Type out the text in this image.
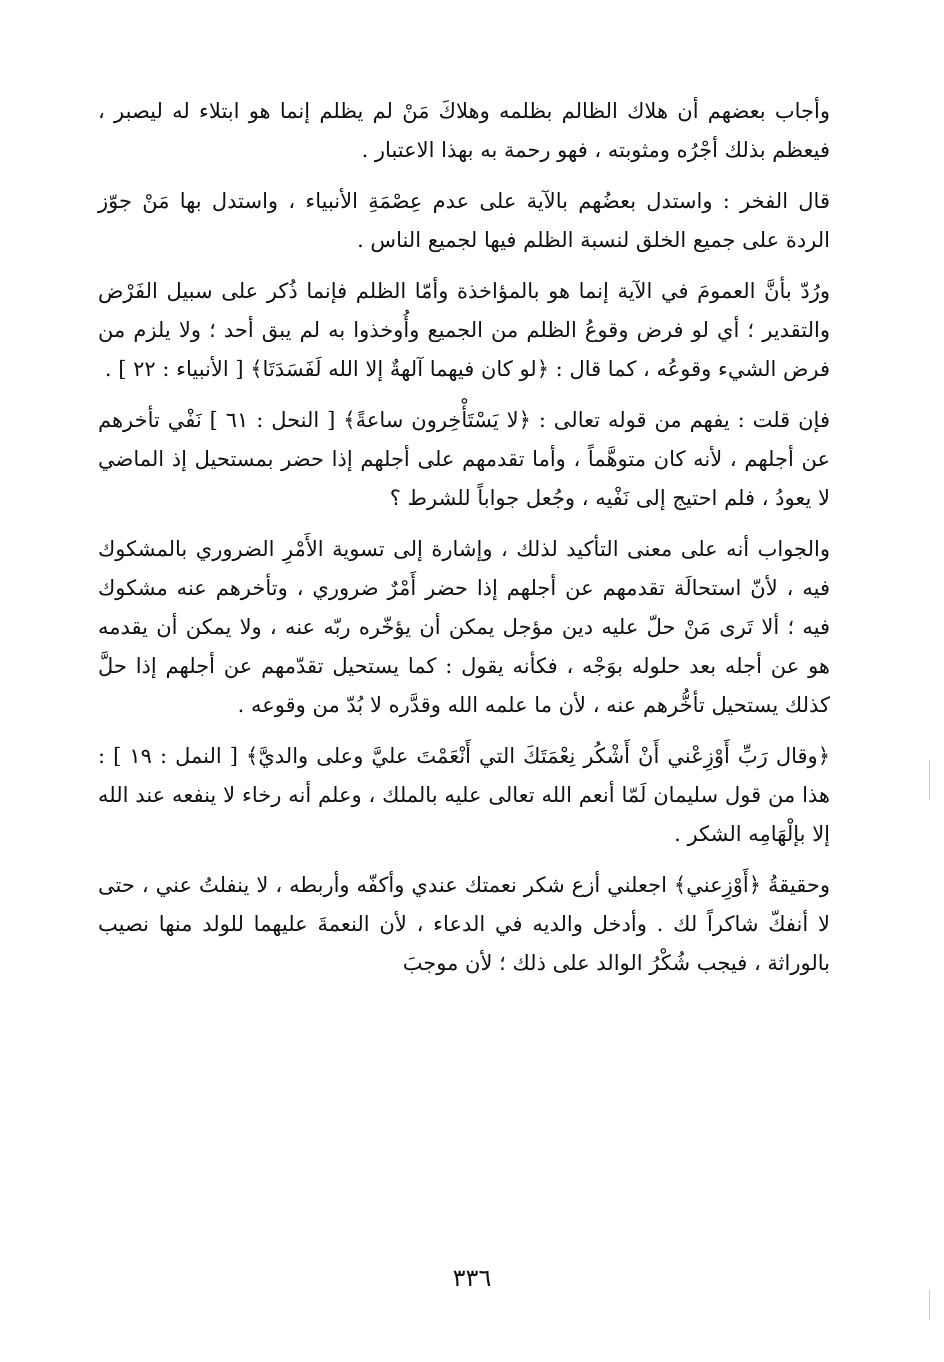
وأجاب بعضهم أن هلاك الظالم بظلمه وهلاكَ مَنْ لم يظلم إنما هو ابتلاء له ليصبر ، فيعظم بذلك أجْرُه ومثوبته ، فهو رحمة به بهذا الاعتبار .

قال الفخر : واستدل بعضُهم بالآية على عدم عِصْمَةِ الأنبياء ، واستدل بها مَنْ جوّز الردة على جميع الخلق لنسبة الظلم فيها لجميع الناس .

ورُدّ بأنَّ العمومَ في الآية إنما هو بالمؤاخذة وأمّا الظلم فإنما ذُكر على سبيل الفَرْض والتقدير ؛ أي لو فرض وقوعُ الظلم من الجميع وأُوخذوا به لم يبق أحد ؛ ولا يلزم من فرض الشيء وقوعُه ، كما قال : ﴿لو كان فيهما آلهةٌ إلا الله لَفَسَدَتَا﴾ [ الأنبياء : ٢٢ ] .

فإن قلت : يفهم من قوله تعالى : ﴿لا يَسْتَأْخِرون ساعةً﴾ [ النحل : ٦١ ] نَفْي تأخرهم عن أجلهم ، لأنه كان متوهَّماً ، وأما تقدمهم على أجلهم إذا حضر بمستحيل إذ الماضي لا يعودُ ، فلم احتيج إلى نَفْيه ، وجُعل جواباً للشرط ؟

والجواب أنه على معنى التأكيد لذلك ، وإشارة إلى تسوية الأَمْرِ الضروري بالمشكوك فيه ، لأنّ استحالَة تقدمهم عن أجلهم إذا حضر أَمْرٌ ضروري ، وتأخرهم عنه مشكوك فيه ؛ ألا تَرى مَنْ حلّ عليه دين مؤجل يمكن أن يؤخّره ربّه عنه ، ولا يمكن أن يقدمه هو عن أجله بعد حلوله بوَجْه ، فكأنه يقول : كما يستحيل تقدّمهم عن أجلهم إذا حلَّ كذلك يستحيل تأخُّرهم عنه ، لأن ما علمه الله وقدَّره لا بُدّ من وقوعه .

﴿وقال رَبِّ أَوْزِعْني أَنْ أَشْكُر نِعْمَتَكَ التي أَنْعَمْتَ عليَّ وعلى والديَّ﴾ [ النمل : ١٩ ] : هذا من قول سليمان لَمّا أنعم الله تعالى عليه بالملك ، وعلم أنه رخاء لا ينفعه عند الله إلا بإلْهَامِه الشكر .

وحقيقةُ ﴿أَوْزِعني﴾ اجعلني أزع شكر نعمتك عندي وأكفّه وأربطه ، لا ينفلتُ عني ، حتى لا أنفكّ شاكراً لك . وأدخل والديه في الدعاء ، لأن النعمةَ عليهما للولد منها نصيب بالوراثة ، فيجب شُكْرُ الوالد على ذلك ؛ لأن موجبَ

٣٣٦
